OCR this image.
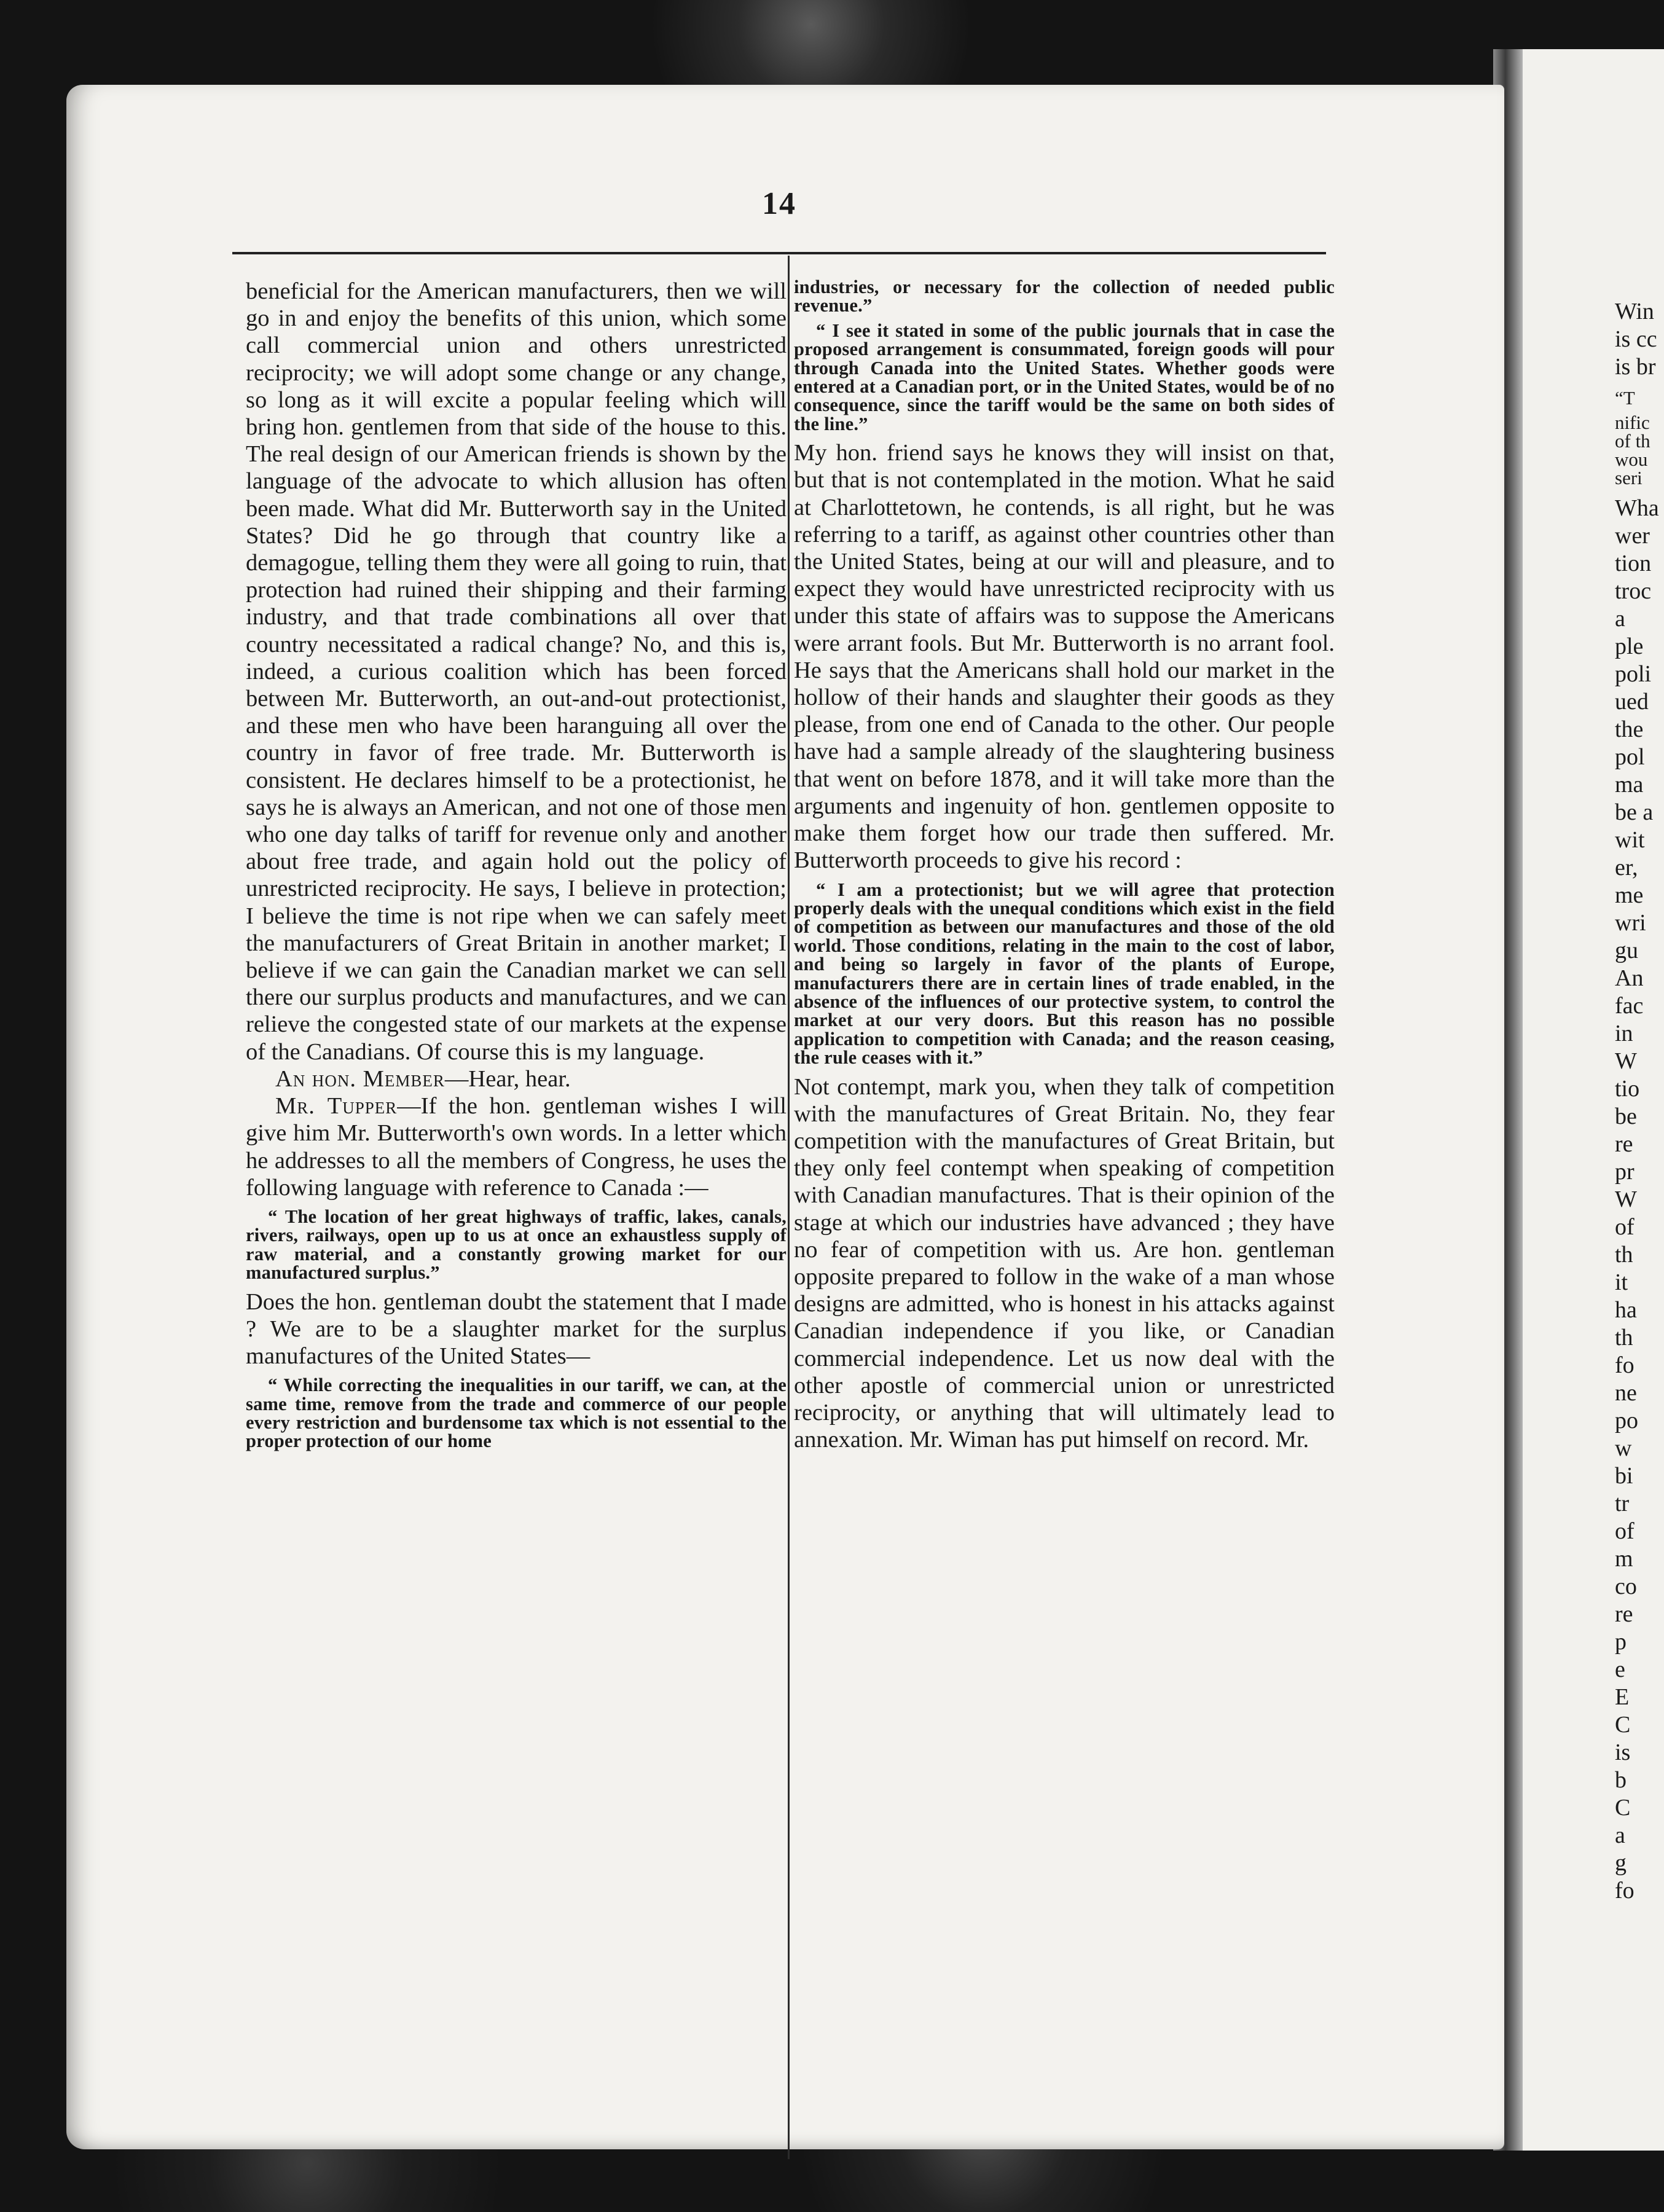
Win
is cc
is br
“T
nific
of th
wou
seri
Wha
wer
tion
troc
a
ple
poli
ued
the
pol
ma
be a
wit
er,
me
wri
gu
An
fac
in
W
tio
be
re
pr
W
of
th
it
ha
th
fo
ne
po
w
bi
tr
of
m
co
re
p
e
E
C
is
b
C
a
g
fo
14

beneficial for the American manufacturers, then we will go in and enjoy the benefits of this union, which some call commercial union and others unrestricted reciprocity; we will adopt some change or any change, so long as it will excite a popular feeling which will bring hon. gentlemen from that side of the house to this. The real design of our American friends is shown by the language of the advocate to which allusion has often been made. What did Mr. Butterworth say in the United States? Did he go through that country like a demagogue, telling them they were all going to ruin, that protection had ruined their shipping and their farming industry, and that trade combinations all over that country necessitated a radical change? No, and this is, indeed, a curious coalition which has been forced between Mr. Butterworth, an out-and-out protectionist, and these men who have been haranguing all over the country in favor of free trade. Mr. Butterworth is consistent. He declares himself to be a protectionist, he says he is always an American, and not one of those men who one day talks of tariff for revenue only and another about free trade, and again hold out the policy of unrestricted reciprocity. He says, I believe in protection; I believe the time is not ripe when we can safely meet the manufacturers of Great Britain in another market; I believe if we can gain the Canadian market we can sell there our surplus products and manufactures, and we can relieve the congested state of our markets at the expense of the Canadians. Of course this is my language.

An hon. Member—Hear, hear.

Mr. Tupper—If the hon. gentleman wishes I will give him Mr. Butterworth's own words. In a letter which he addresses to all the members of Congress, he uses the following language with reference to Canada :—

“ The location of her great highways of traffic, lakes, canals, rivers, railways, open up to us at once an exhaustless supply of raw material, and a constantly growing market for our manufactured surplus.”

Does the hon. gentleman doubt the statement that I made ? We are to be a slaughter market for the surplus manufactures of the United States—

“ While correcting the inequalities in our tariff, we can, at the same time, remove from the trade and commerce of our people every restriction and burdensome tax which is not essential to the proper protection of our home

industries, or necessary for the collection of needed public revenue.”

“ I see it stated in some of the public journals that in case the proposed arrangement is consummated, foreign goods will pour through Canada into the United States. Whether goods were entered at a Canadian port, or in the United States, would be of no consequence, since the tariff would be the same on both sides of the line.”

My hon. friend says he knows they will insist on that, but that is not contemplated in the motion. What he said at Charlottetown, he contends, is all right, but he was referring to a tariff, as against other countries other than the United States, being at our will and pleasure, and to expect they would have unrestricted reciprocity with us under this state of affairs was to suppose the Americans were arrant fools. But Mr. Butterworth is no arrant fool. He says that the Americans shall hold our market in the hollow of their hands and slaughter their goods as they please, from one end of Canada to the other. Our people have had a sample already of the slaughtering business that went on before 1878, and it will take more than the arguments and ingenuity of hon. gentlemen opposite to make them forget how our trade then suffered. Mr. Butterworth proceeds to give his record :

“ I am a protectionist; but we will agree that protection properly deals with the unequal conditions which exist in the field of competition as between our manufactures and those of the old world. Those conditions, relating in the main to the cost of labor, and being so largely in favor of the plants of Europe, manufacturers there are in certain lines of trade enabled, in the absence of the influences of our protective system, to control the market at our very doors. But this reason has no possible application to competition with Canada; and the reason ceasing, the rule ceases with it.”

Not contempt, mark you, when they talk of competition with the manufactures of Great Britain. No, they fear competition with the manufactures of Great Britain, but they only feel contempt when speaking of competition with Canadian manufactures. That is their opinion of the stage at which our industries have advanced ; they have no fear of competition with us. Are hon. gentleman opposite prepared to follow in the wake of a man whose designs are admitted, who is honest in his attacks against Canadian independence if you like, or Canadian commercial independence. Let us now deal with the other apostle of commercial union or unrestricted reciprocity, or anything that will ultimately lead to annexation. Mr. Wiman has put himself on record. Mr.
